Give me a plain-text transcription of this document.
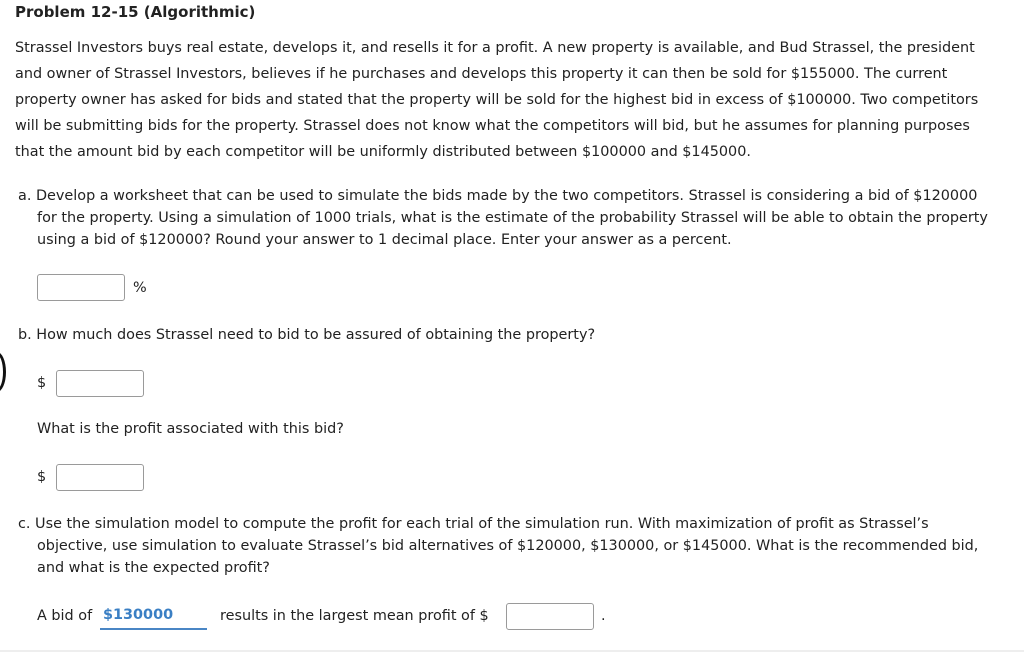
Problem 12-15 (Algorithmic)
Strassel Investors buys real estate, develops it, and resells it for a profit. A new property is available, and Bud Strassel, the president
and owner of Strassel Investors, believes if he purchases and develops this property it can then be sold for $155000. The current
property owner has asked for bids and stated that the property will be sold for the highest bid in excess of $100000. Two competitors
will be submitting bids for the property. Strassel does not know what the competitors will bid, but he assumes for planning purposes
that the amount bid by each competitor will be uniformly distributed between $100000 and $145000.
a. Develop a worksheet that can be used to simulate the bids made by the two competitors. Strassel is considering a bid of $120000
for the property. Using a simulation of 1000 trials, what is the estimate of the probability Strassel will be able to obtain the property
using a bid of $120000? Round your answer to 1 decimal place. Enter your answer as a percent.
%
b. How much does Strassel need to bid to be assured of obtaining the property?
$
What is the profit associated with this bid?
$
c. Use the simulation model to compute the profit for each trial of the simulation run. With maximization of profit as Strassel’s
objective, use simulation to evaluate Strassel’s bid alternatives of $120000, $130000, or $145000. What is the recommended bid,
and what is the expected profit?
A bid of $130000	results in the largest mean profit of $	.
